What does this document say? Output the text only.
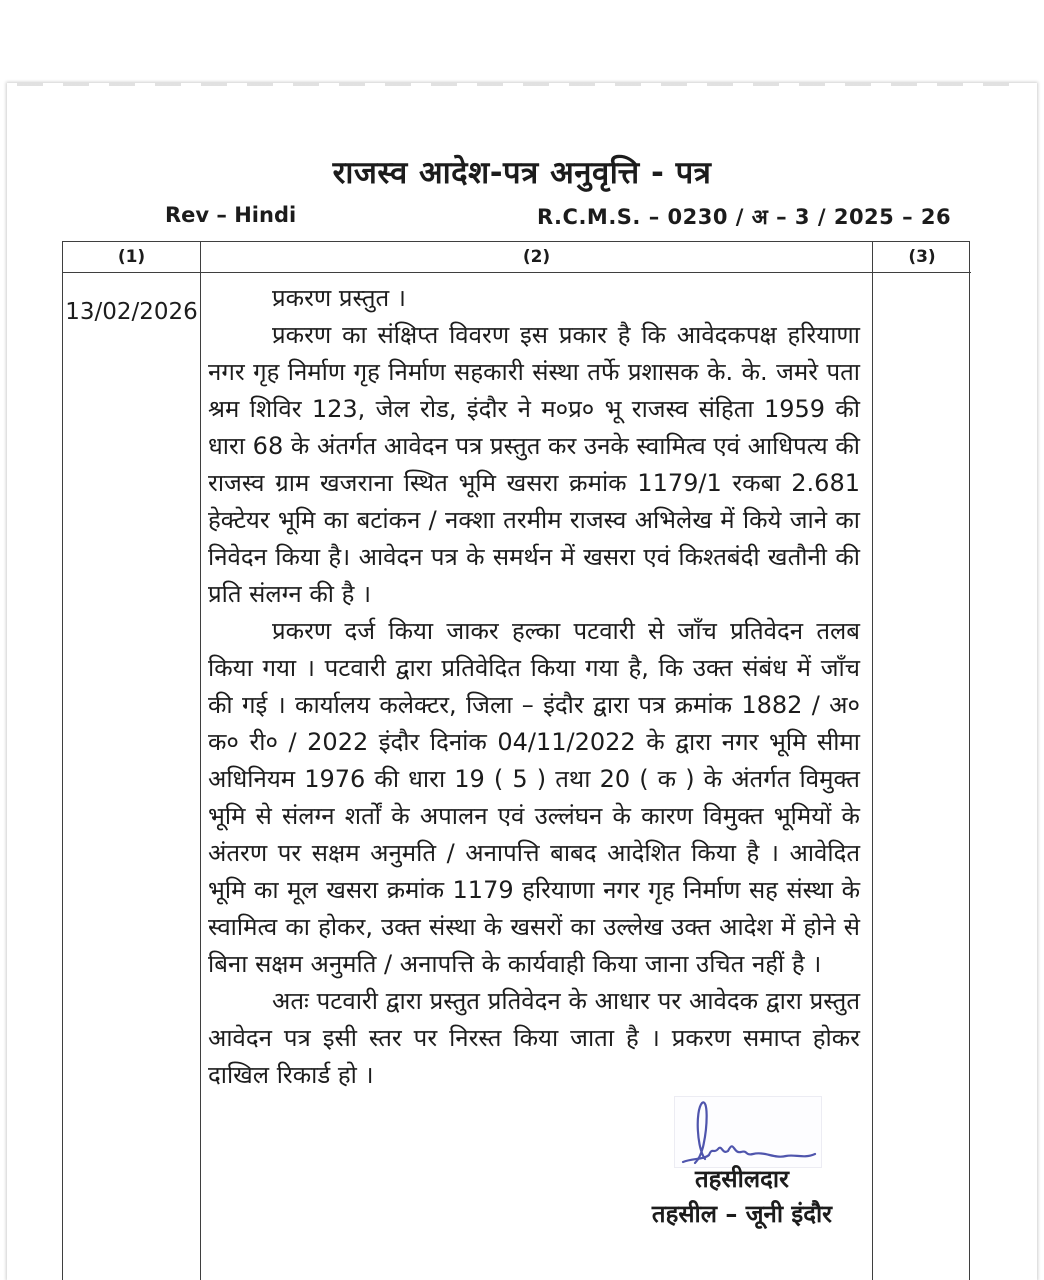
राजस्व आदेश-पत्र अनुवृत्ति - पत्र
Rev – Hindi	R.C.M.S. – 0230 / अ – 3 / 2025 – 26
(1)	(2)	(3)
13/02/2026	प्रकरण प्रस्तुत ।

प्रकरण का संक्षिप्त विवरण इस प्रकार है कि आवेदकपक्ष हरियाणा नगर गृह निर्माण गृह निर्माण सहकारी संस्था तर्फे प्रशासक के. के. जमरे पता श्रम शिविर 123, जेल रोड, इंदौर ने म०प्र० भू राजस्व संहिता 1959 की धारा 68 के अंतर्गत आवेदन पत्र प्रस्तुत कर उनके स्वामित्व एवं आधिपत्य की राजस्व ग्राम खजराना स्थित भूमि खसरा क्रमांक 1179/1 रकबा 2.681 हेक्टेयर भूमि का बटांकन / नक्शा तरमीम राजस्व अभिलेख में किये जाने का निवेदन किया है। आवेदन पत्र के समर्थन में खसरा एवं किश्तबंदी खतौनी की प्रति संलग्न की है ।

प्रकरण दर्ज किया जाकर हल्का पटवारी से जाँच प्रतिवेदन तलब किया गया । पटवारी द्वारा प्रतिवेदित किया गया है, कि उक्त संबंध में जाँच की गई । कार्यालय कलेक्टर, जिला – इंदौर द्वारा पत्र क्रमांक 1882 / अ० क० री० / 2022 इंदौर दिनांक 04/11/2022 के द्वारा नगर भूमि सीमा अधिनियम 1976 की धारा 19 ( 5 ) तथा 20 ( क ) के अंतर्गत विमुक्त भूमि से संलग्न शर्तों के अपालन एवं उल्लंघन के कारण विमुक्त भूमियों के अंतरण पर सक्षम अनुमति / अनापत्ति बाबद आदेशित किया है । आवेदित भूमि का मूल खसरा क्रमांक 1179 हरियाणा नगर गृह निर्माण सह संस्था के स्वामित्व का होकर, उक्त संस्था के खसरों का उल्लेख उक्त आदेश में होने से बिना सक्षम अनुमति / अनापत्ति के कार्यवाही किया जाना उचित नहीं है ।

अतः पटवारी द्वारा प्रस्तुत प्रतिवेदन के आधार पर आवेदक द्वारा प्रस्तुत आवेदन पत्र इसी स्तर पर निरस्त किया जाता है । प्रकरण समाप्त होकर दाखिल रिकार्ड हो ।

तहसीलदार
तहसील – जूनी इंदौर
